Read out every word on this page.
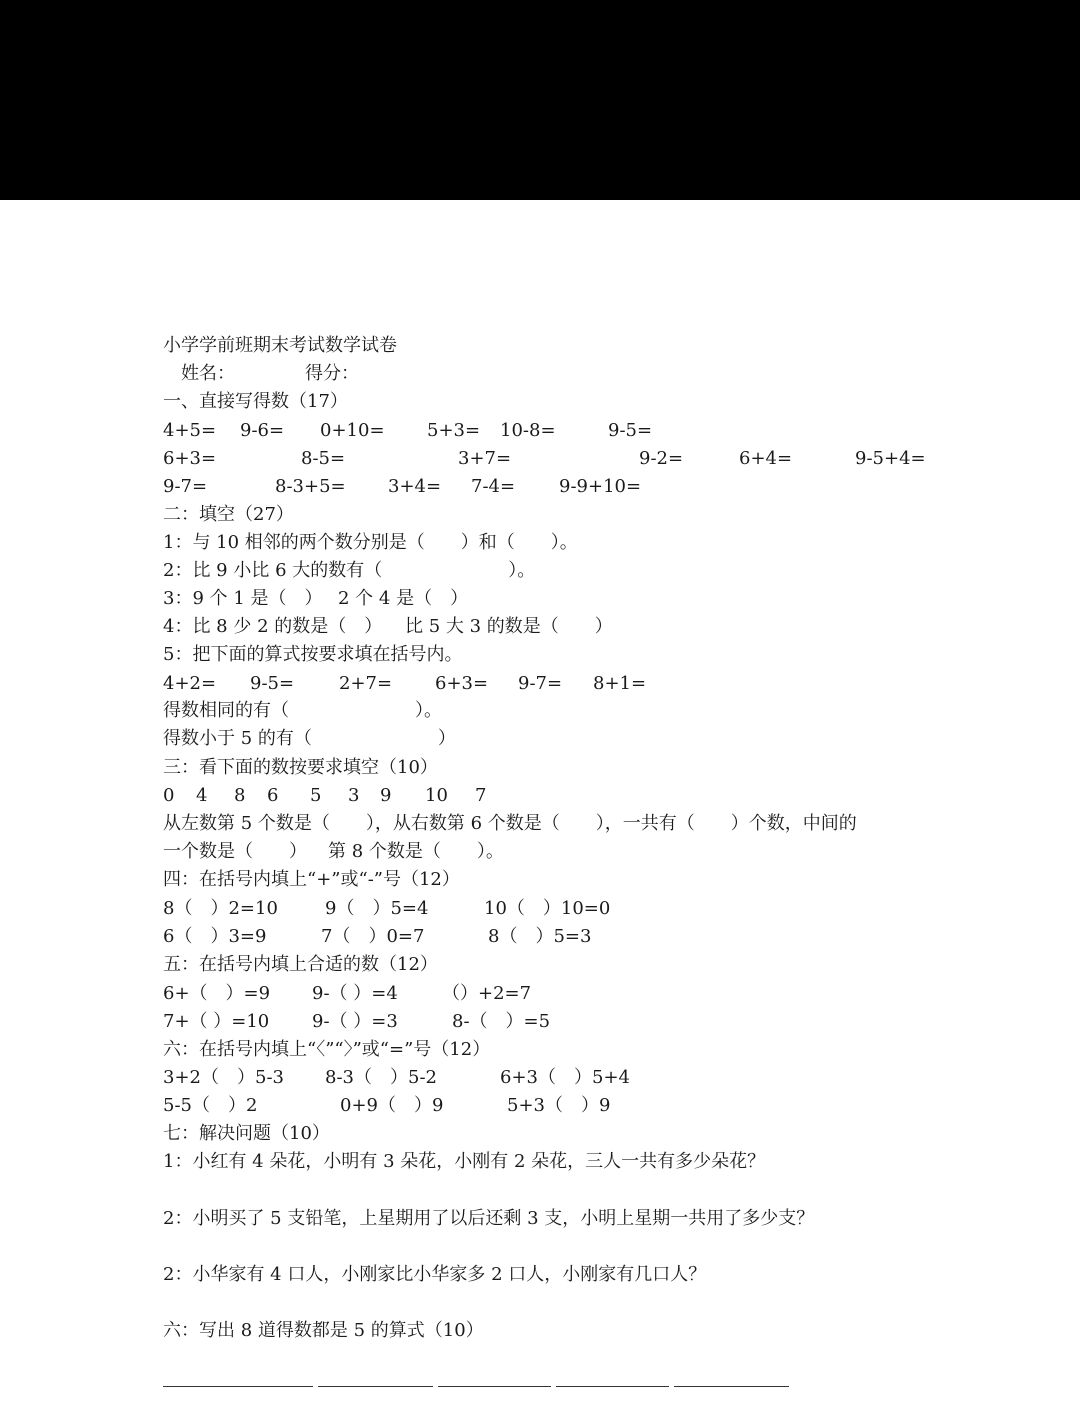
小学学前班期末考试数学试卷

姓名：

	得分：

一、直接写得数（17）

4+5=

9-6=

0+10=

5+3=

10-8=

	9-5=

6+3=

	8-5=

	3+7=

	9-2=

	6+4=

	9-5+4=

9-7=

	8-3+5=

3+4=

7-4=

9-9+10=

二：填空（27）
1：与 10 相邻的两个数分别是（　　）和（　　）。
2：比 9 小比 6 大的数有（　　　　　　　）。

3：9 个 1 是（　）

2 个 4 是（　）

4：比 8 少 2 的数是（　）

比 5 大 3 的数是（　　）

5：把下面的算式按要求填在括号内。

4+2=

9-5=

2+7=

6+3=

9-7=

8+1=

得数相同的有（　　　　　　　）。
得数小于 5 的有（　　　　　　　）
三：看下面的数按要求填空（10）

0

4

8

6

5

3

9

10

7

从左数第 5 个数是（　　），从右数第 6 个数是（　　），一共有（　　）个数，中间的

一个数是（　　）

第 8 个数是（　　）。

四：在括号内填上“+”或“-”号（12）

8（　）2=10

	9（　）5=4

	10（　）10=0

6（　）3=9

	7（　）0=7

	8（　）5=3

五：在括号内填上合适的数（12）

6+（　）=9

9-（ ）=4

（）+2=7

7+（ ）=10

9-（ ）=3

	8-（　）=5

六：在括号内填上“〈”“〉”或“=”号（12）

3+2（　）5-3

8-3（　）5-2

	6+3（　）5+4

5-5（　）2

	0+9（　）9

	5+3（　）9

七：解决问题（10）
1：小红有 4 朵花，小明有 3 朵花，小刚有 2 朵花，三人一共有多少朵花？
2：小明买了 5 支铅笔，上星期用了以后还剩 3 支，小明上星期一共用了多少支？
2：小华家有 4 口人，小刚家比小华家多 2 口人，小刚家有几口人？
六：写出 8 道得数都是 5 的算式（10）
